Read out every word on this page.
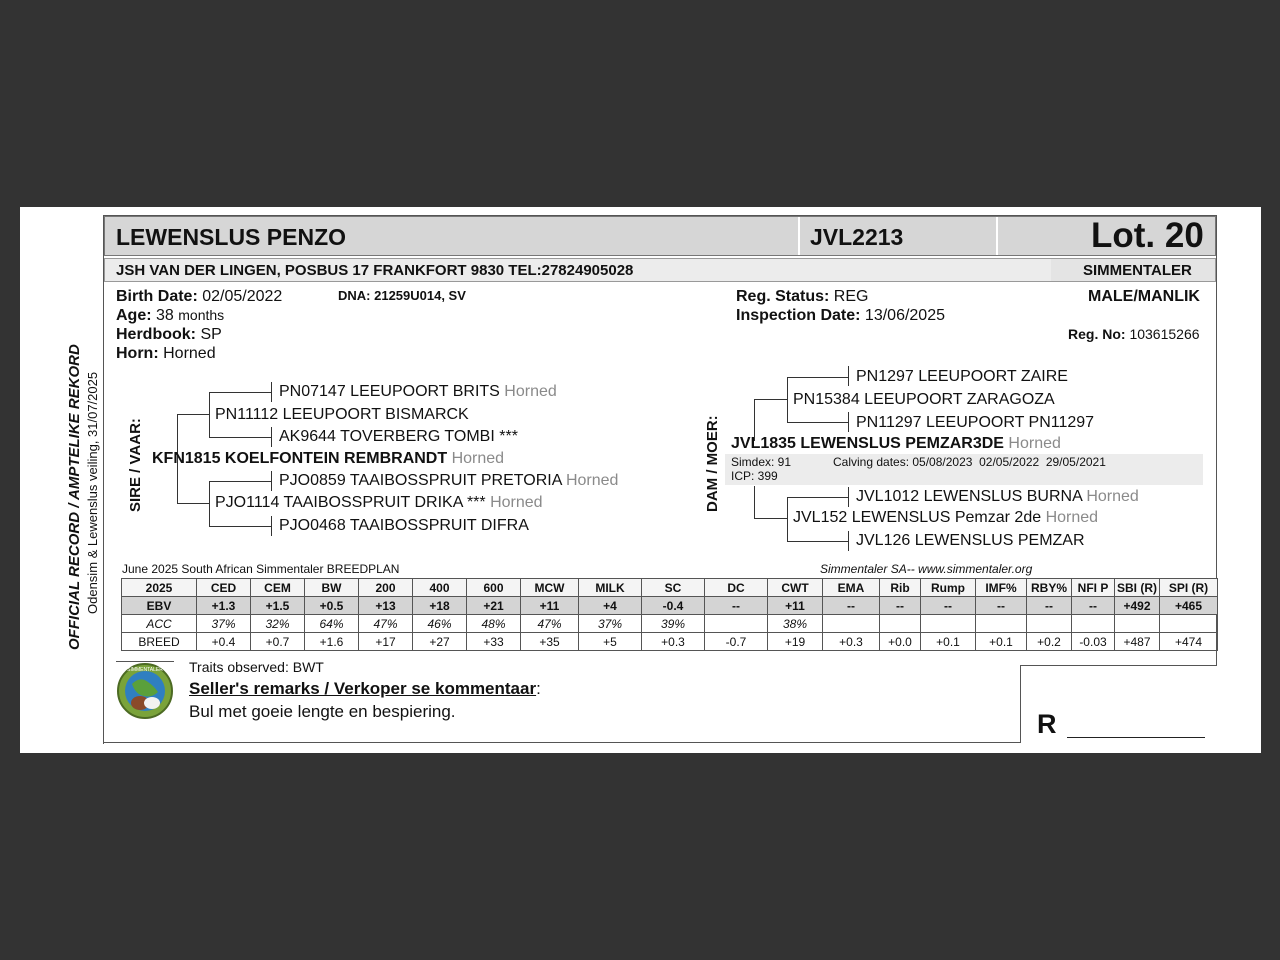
LEWENSLUS PENZO	JVL2213	Lot. 20
JSH VAN DER LINGEN, POSBUS 17 FRANKFORT 9830 TEL:27824905028	SIMMENTALER
Birth Date: 02/05/2022	DNA: 21259U014, SV
Age: 38 months
Herdbook: SP
Horn: Horned
Reg. Status: REG
Inspection Date: 13/06/2025
MALE/MANLIK
Reg. No: 103615266
OFFICIAL RECORD / AMPTELIKE REKORD Odensim & Lewenslus veiling, 31/07/2025 SIRE / VAAR:	DAM / MOER:
PN07147 LEEUPOORT BRITS Horned
PN11112 LEEUPOORT BISMARCK
AK9644 TOVERBERG TOMBI ***
KFN1815 KOELFONTEIN REMBRANDT Horned
PJO0859 TAAIBOSSPRUIT PRETORIA Horned
PJO1114 TAAIBOSSPRUIT DRIKA *** Horned
PJO0468 TAAIBOSSPRUIT DIFRA
PN1297 LEEUPOORT ZAIRE
PN15384 LEEUPOORT ZARAGOZA
PN11297 LEEUPOORT PN11297
JVL1835 LEWENSLUS PEMZAR3DE Horned
Simdex: 91
ICP: 399
Calving dates: 05/08/2023  02/05/2022  29/05/2021
JVL1012 LEWENSLUS BURNA Horned
JVL152 LEWENSLUS Pemzar 2de Horned
JVL126 LEWENSLUS PEMZAR
June 2025 South African Simmentaler BREEDPLAN	Simmentaler SA-- www.simmentaler.org
2025	CED	CEM	BW	200	400	600	MCW	MILK	SC	DC	CWT	EMA	Rib	Rump	IMF%	RBY%	NFI P	SBI (R)	SPI (R)
EBV	+1.3	+1.5	+0.5	+13	+18	+21	+11	+4	-0.4	--	+11	--	--	--	--	--	--	+492	+465
ACC	37%	32%	64%	47%	46%	48%	47%	37%	39%		38%								
BREED	+0.4	+0.7	+1.6	+17	+27	+33	+35	+5	+0.3	-0.7	+19	+0.3	+0.0	+0.1	+0.1	+0.2	-0.03	+487	+474
SIMMENTALER Traits observed: BWT
Seller's remarks / Verkoper se kommentaar:
Bul met goeie lengte en bespiering.	R
